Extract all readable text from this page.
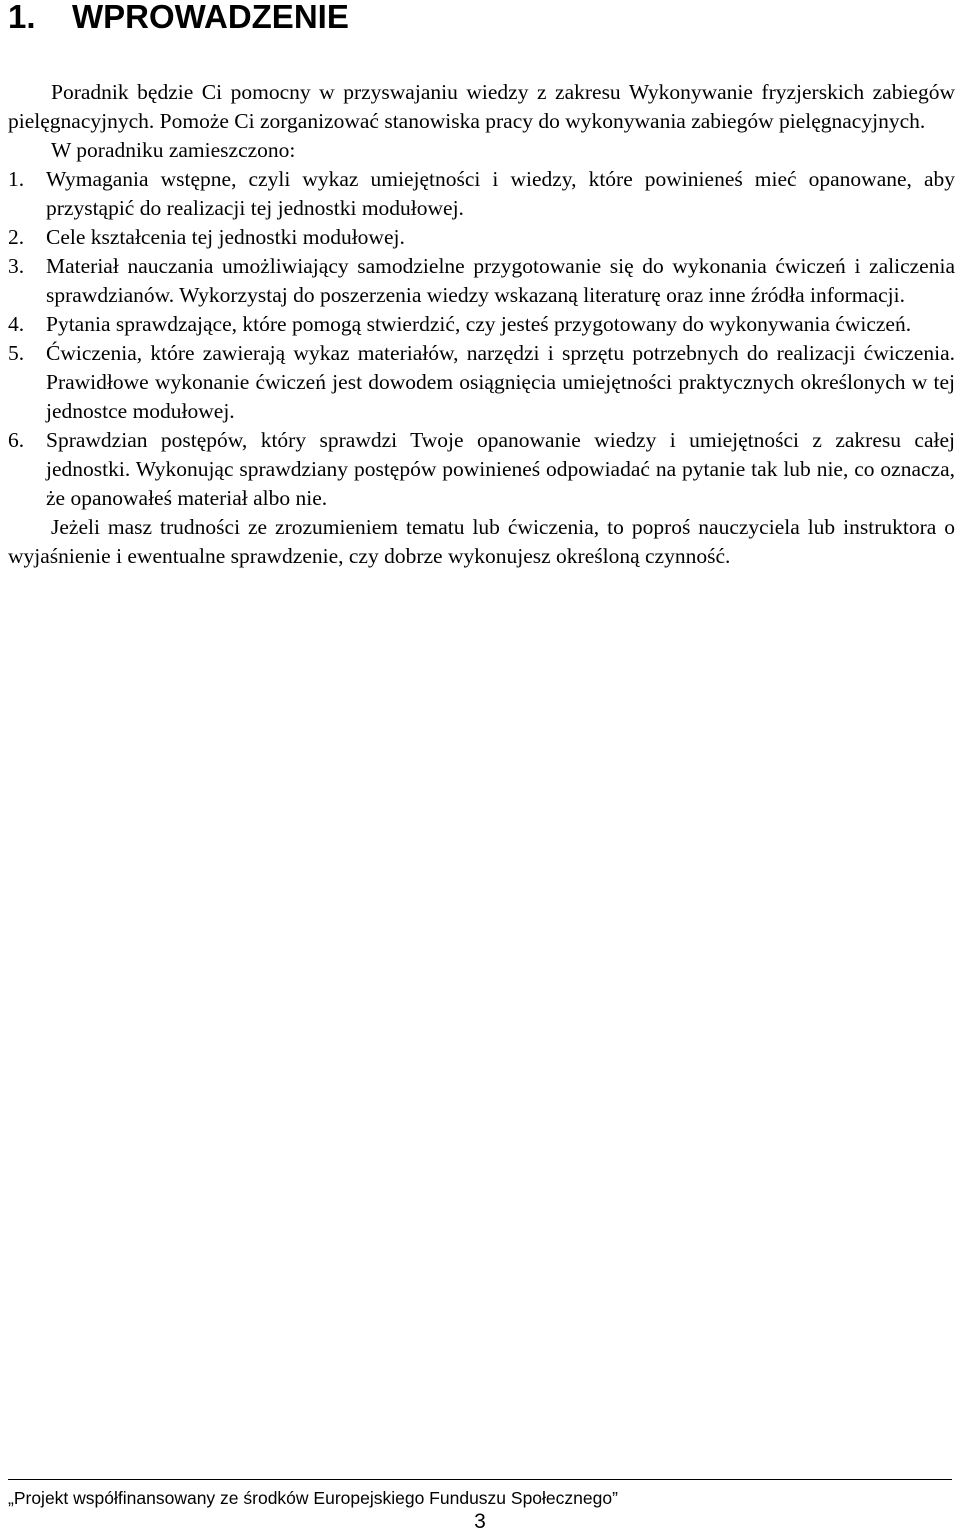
1. WPROWADZENIE

Poradnik będzie Ci pomocny w przyswajaniu wiedzy z zakresu Wykonywanie fryzjerskich zabiegów pielęgnacyjnych. Pomoże Ci zorganizować stanowiska pracy do wykonywania zabiegów pielęgnacyjnych.

W poradniku zamieszczono:

1. Wymagania wstępne, czyli wykaz umiejętności i wiedzy, które powinieneś mieć opanowane, aby przystąpić do realizacji tej jednostki modułowej.
2. Cele kształcenia tej jednostki modułowej.
3. Materiał nauczania umożliwiający samodzielne przygotowanie się do wykonania ćwiczeń i zaliczenia sprawdzianów. Wykorzystaj do poszerzenia wiedzy wskazaną literaturę oraz inne źródła informacji.
4. Pytania sprawdzające, które pomogą stwierdzić, czy jesteś przygotowany do wykonywania ćwiczeń.
5. Ćwiczenia, które zawierają wykaz materiałów, narzędzi i sprzętu potrzebnych do realizacji ćwiczenia. Prawidłowe wykonanie ćwiczeń jest dowodem osiągnięcia umiejętności praktycznych określonych w tej jednostce modułowej.
6. Sprawdzian postępów, który sprawdzi Twoje opanowanie wiedzy i umiejętności z zakresu całej jednostki. Wykonując sprawdziany postępów powinieneś odpowiadać na pytanie tak lub nie, co oznacza, że opanowałeś materiał albo nie.

Jeżeli masz trudności ze zrozumieniem tematu lub ćwiczenia, to poproś nauczyciela lub instruktora o wyjaśnienie i ewentualne sprawdzenie, czy dobrze wykonujesz określoną czynność.

„Projekt współfinansowany ze środków Europejskiego Funduszu Społecznego”
3
